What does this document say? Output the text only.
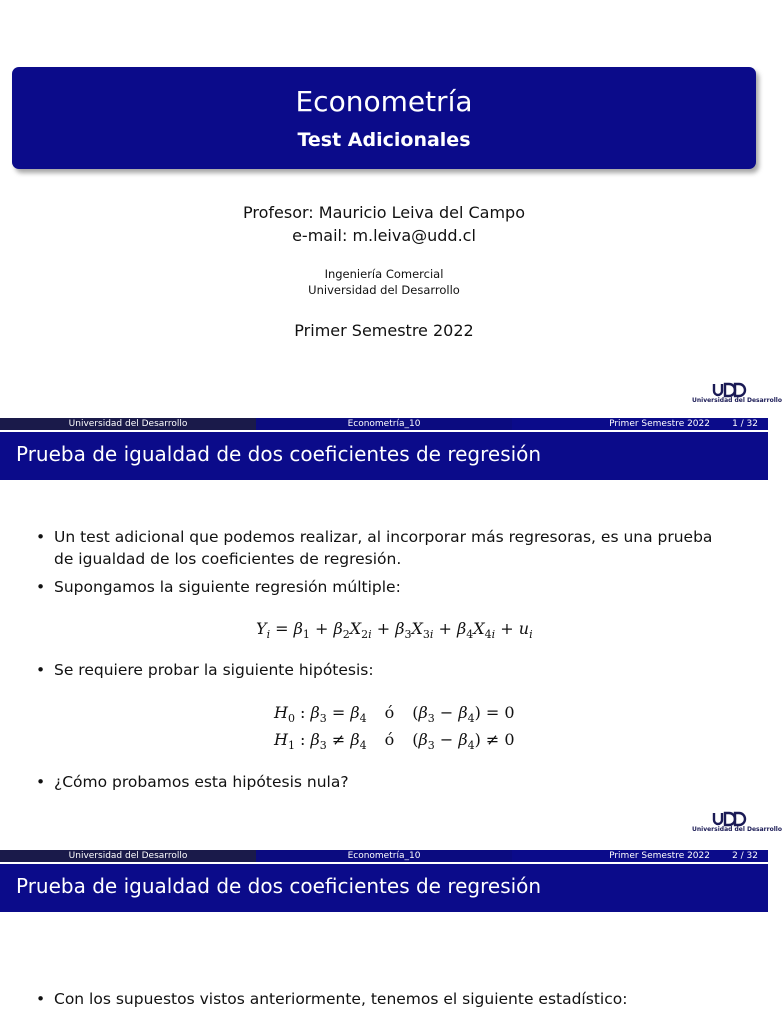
Econometría
Test Adicionales
Profesor: Mauricio Leiva del Campo
e-mail: m.leiva@udd.cl
Ingeniería Comercial
Universidad del Desarrollo
Primer Semestre 2022
Universidad del Desarrollo
Universidad del Desarrollo	Econometría_10	Primer Semestre 2022 1 / 32
Prueba de igualdad de dos coeficientes de regresión
• Un test adicional que podemos realizar, al incorporar más regresoras, es una prueba de igualdad de los coeficientes de regresión.
• Supongamos la siguiente regresión múltiple:
$Y_i = \beta_1 + \beta_2X_{2i} + \beta_3X_{3i} + \beta_4X_{4i} + u_i$
• Se requiere probar la siguiente hipótesis:
$H_0$ : $\beta_3 = \beta_4$ ó $(\beta_3 - \beta_4) = 0$
$H_1$ : $\beta_3 \ne \beta_4$ ó $(\beta_3 - \beta_4) \ne 0$
• ¿Cómo probamos esta hipótesis nula?
Universidad del Desarrollo
Universidad del Desarrollo	Econometría_10	Primer Semestre 2022 2 / 32
Prueba de igualdad de dos coeficientes de regresión
• Con los supuestos vistos anteriormente, tenemos el siguiente estadístico:
